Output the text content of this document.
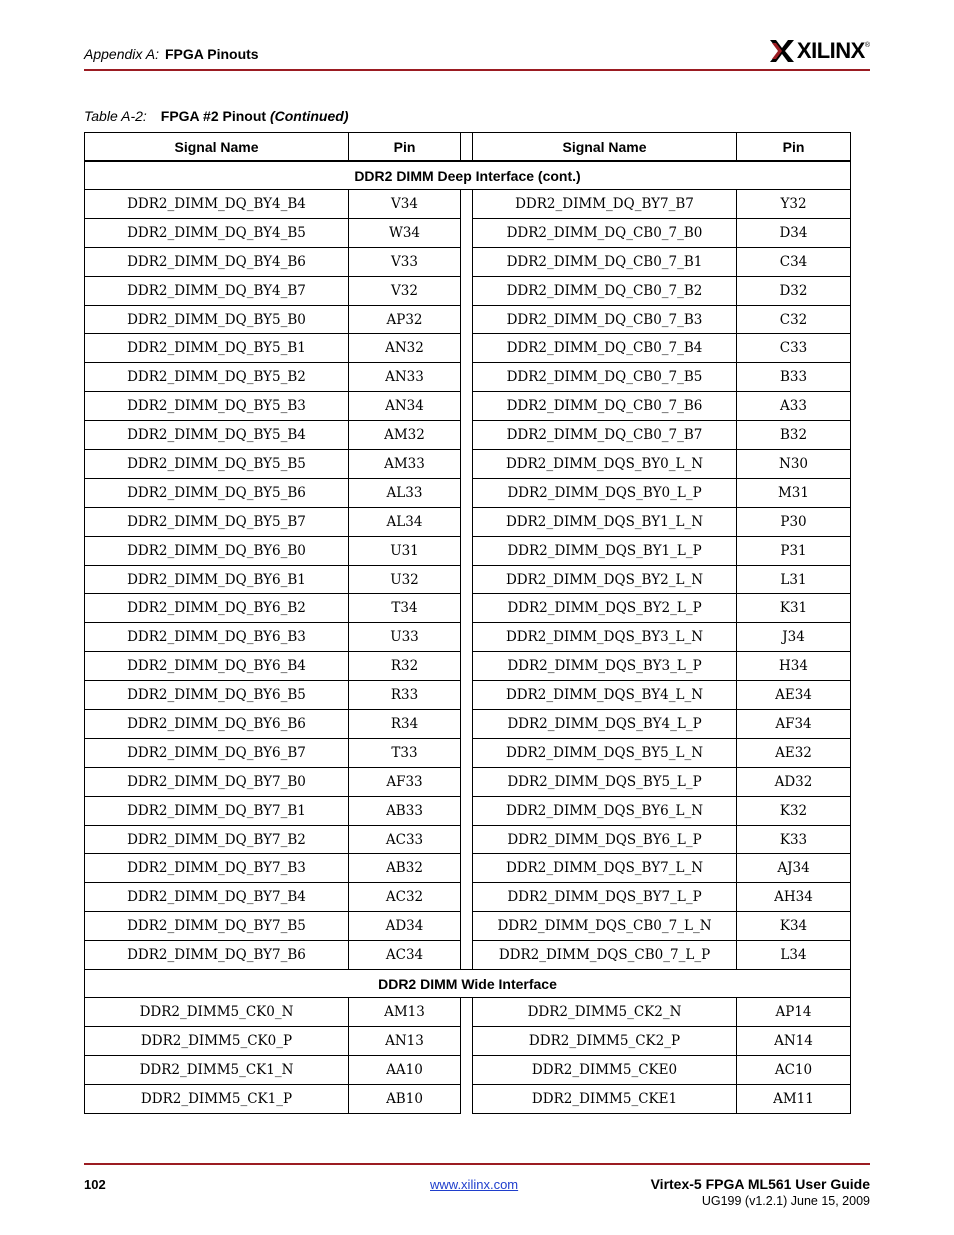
Appendix A: FPGA Pinouts	XILINX ®
Table A-2: FPGA #2 Pinout (Continued)
Signal Name	Pin		Signal Name	Pin
DDR2 DIMM Deep Interface (cont.)				
DDR2_DIMM_DQ_BY4_B4	V34		DDR2_DIMM_DQ_BY7_B7	Y32
DDR2_DIMM_DQ_BY4_B5	W34		DDR2_DIMM_DQ_CB0_7_B0	D34
DDR2_DIMM_DQ_BY4_B6	V33		DDR2_DIMM_DQ_CB0_7_B1	C34
DDR2_DIMM_DQ_BY4_B7	V32		DDR2_DIMM_DQ_CB0_7_B2	D32
DDR2_DIMM_DQ_BY5_B0	AP32		DDR2_DIMM_DQ_CB0_7_B3	C32
DDR2_DIMM_DQ_BY5_B1	AN32		DDR2_DIMM_DQ_CB0_7_B4	C33
DDR2_DIMM_DQ_BY5_B2	AN33		DDR2_DIMM_DQ_CB0_7_B5	B33
DDR2_DIMM_DQ_BY5_B3	AN34		DDR2_DIMM_DQ_CB0_7_B6	A33
DDR2_DIMM_DQ_BY5_B4	AM32		DDR2_DIMM_DQ_CB0_7_B7	B32
DDR2_DIMM_DQ_BY5_B5	AM33		DDR2_DIMM_DQS_BY0_L_N	N30
DDR2_DIMM_DQ_BY5_B6	AL33		DDR2_DIMM_DQS_BY0_L_P	M31
DDR2_DIMM_DQ_BY5_B7	AL34		DDR2_DIMM_DQS_BY1_L_N	P30
DDR2_DIMM_DQ_BY6_B0	U31		DDR2_DIMM_DQS_BY1_L_P	P31
DDR2_DIMM_DQ_BY6_B1	U32		DDR2_DIMM_DQS_BY2_L_N	L31
DDR2_DIMM_DQ_BY6_B2	T34		DDR2_DIMM_DQS_BY2_L_P	K31
DDR2_DIMM_DQ_BY6_B3	U33		DDR2_DIMM_DQS_BY3_L_N	J34
DDR2_DIMM_DQ_BY6_B4	R32		DDR2_DIMM_DQS_BY3_L_P	H34
DDR2_DIMM_DQ_BY6_B5	R33		DDR2_DIMM_DQS_BY4_L_N	AE34
DDR2_DIMM_DQ_BY6_B6	R34		DDR2_DIMM_DQS_BY4_L_P	AF34
DDR2_DIMM_DQ_BY6_B7	T33		DDR2_DIMM_DQS_BY5_L_N	AE32
DDR2_DIMM_DQ_BY7_B0	AF33		DDR2_DIMM_DQS_BY5_L_P	AD32
DDR2_DIMM_DQ_BY7_B1	AB33		DDR2_DIMM_DQS_BY6_L_N	K32
DDR2_DIMM_DQ_BY7_B2	AC33		DDR2_DIMM_DQS_BY6_L_P	K33
DDR2_DIMM_DQ_BY7_B3	AB32		DDR2_DIMM_DQS_BY7_L_N	AJ34
DDR2_DIMM_DQ_BY7_B4	AC32		DDR2_DIMM_DQS_BY7_L_P	AH34
DDR2_DIMM_DQ_BY7_B5	AD34		DDR2_DIMM_DQS_CB0_7_L_N	K34
DDR2_DIMM_DQ_BY7_B6	AC34		DDR2_DIMM_DQS_CB0_7_L_P	L34
DDR2 DIMM Wide Interface				
DDR2_DIMM5_CK0_N	AM13		DDR2_DIMM5_CK2_N	AP14
DDR2_DIMM5_CK0_P	AN13		DDR2_DIMM5_CK2_P	AN14
DDR2_DIMM5_CK1_N	AA10		DDR2_DIMM5_CKE0	AC10
DDR2_DIMM5_CK1_P	AB10		DDR2_DIMM5_CKE1	AM11
102	www.xilinx.com	Virtex-5 FPGA ML561 User Guide
UG199 (v1.2.1) June 15, 2009
